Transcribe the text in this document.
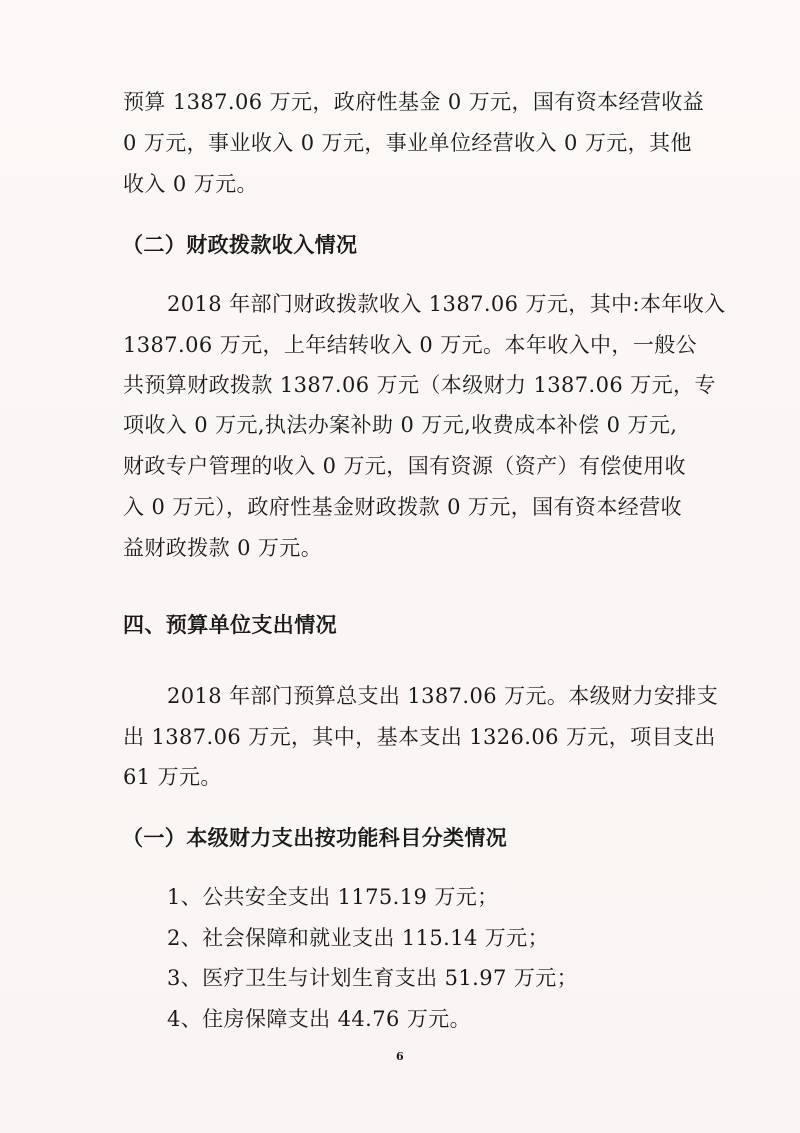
预算 1387.06 万元，政府性基金 0 万元，国有资本经营收益
0 万元，事业收入 0 万元，事业单位经营收入 0 万元，其他
收入 0 万元。
（二）财政拨款收入情况
2018 年部门财政拨款收入 1387.06 万元，其中:本年收入
1387.06 万元，上年结转收入 0 万元。本年收入中，一般公
共预算财政拨款 1387.06 万元（本级财力 1387.06 万元，专
项收入 0 万元,执法办案补助 0 万元,收费成本补偿 0 万元,
财政专户管理的收入 0 万元，国有资源（资产）有偿使用收
入 0 万元），政府性基金财政拨款 0 万元，国有资本经营收
益财政拨款 0 万元。
四、预算单位支出情况
2018 年部门预算总支出 1387.06 万元。本级财力安排支
出 1387.06 万元，其中，基本支出 1326.06 万元，项目支出
61 万元。
（一）本级财力支出按功能科目分类情况
1、公共安全支出 1175.19 万元；
2、社会保障和就业支出 115.14 万元；
3、医疗卫生与计划生育支出 51.97 万元；
4、住房保障支出 44.76 万元。
6
